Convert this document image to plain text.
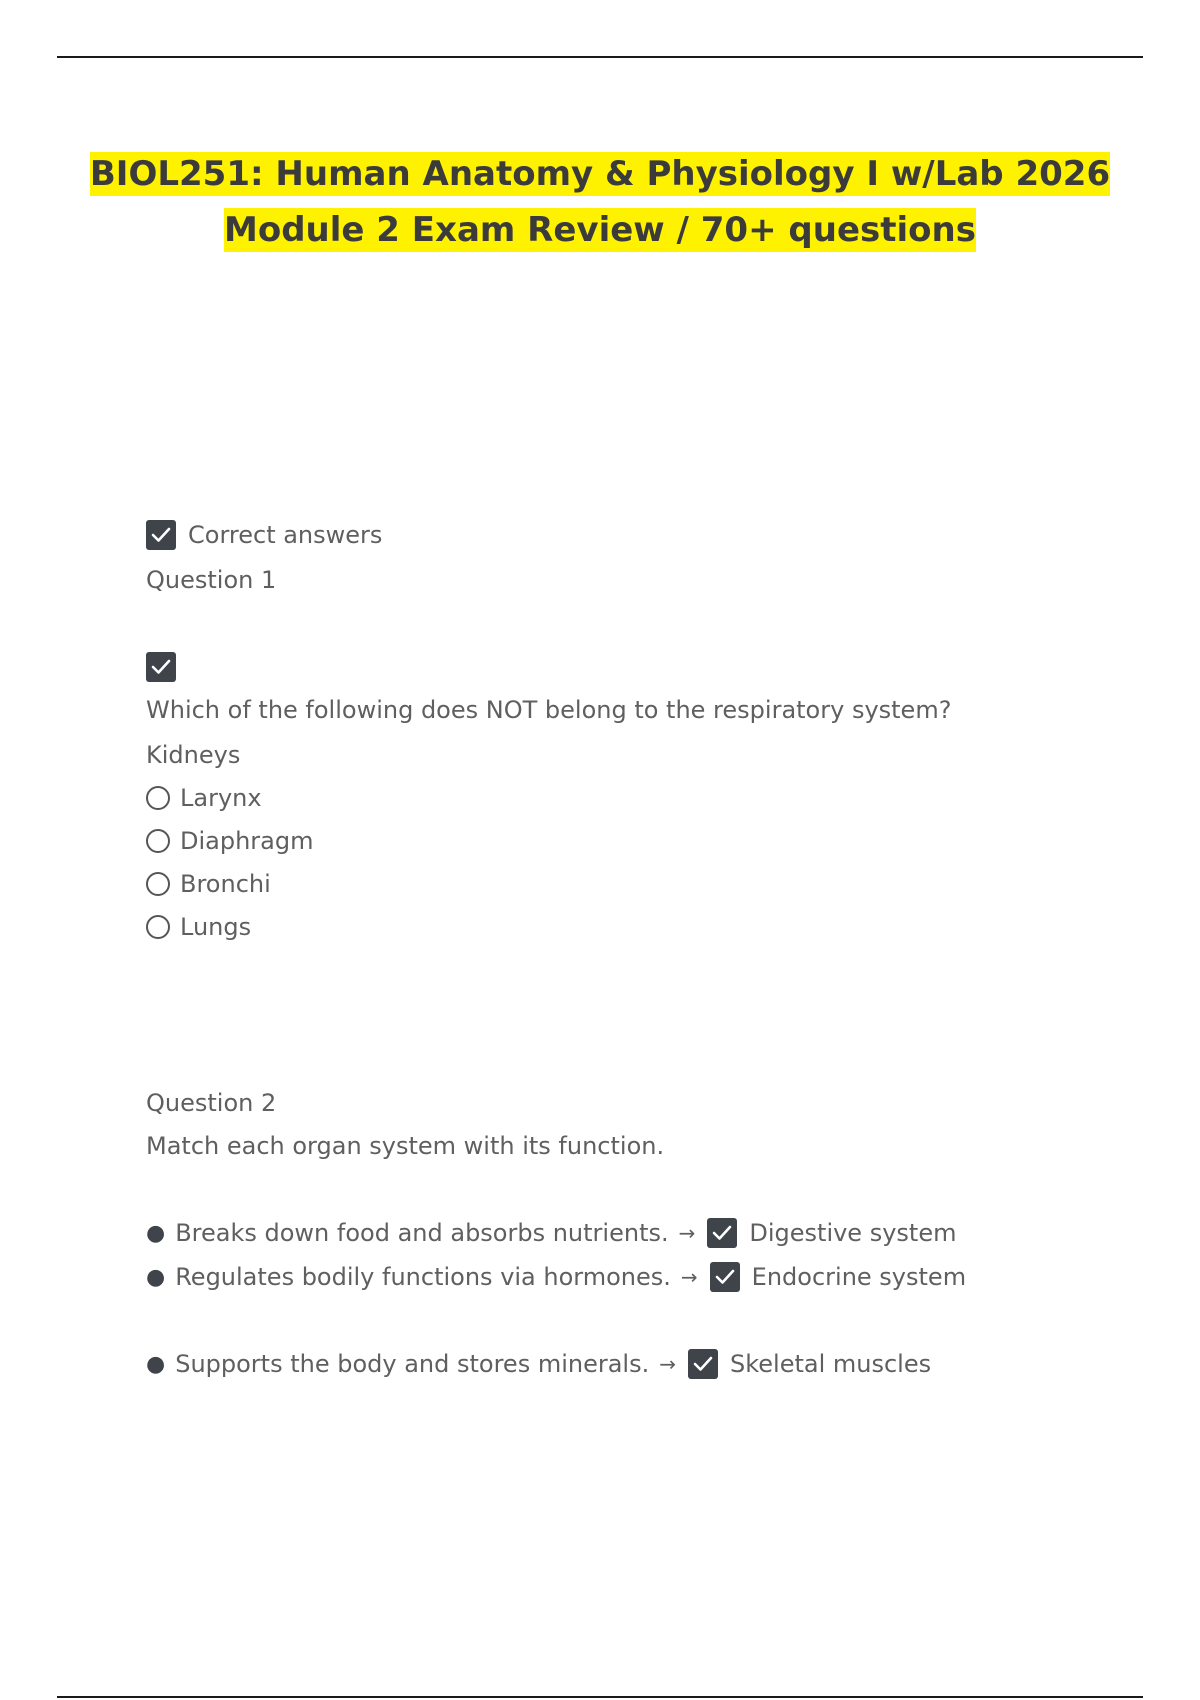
BIOL251: Human Anatomy & Physiology I w/Lab 2026
Module 2 Exam Review / 70+ questions
Correct answers
Question 1
Which of the following does NOT belong to the respiratory system?
Kidneys
Larynx
Diaphragm
Bronchi
Lungs
Question 2
Match each organ system with its function.
● Breaks down food and absorbs nutrients. → Digestive system
● Regulates bodily functions via hormones. → Endocrine system
● Supports the body and stores minerals. → Skeletal muscles
